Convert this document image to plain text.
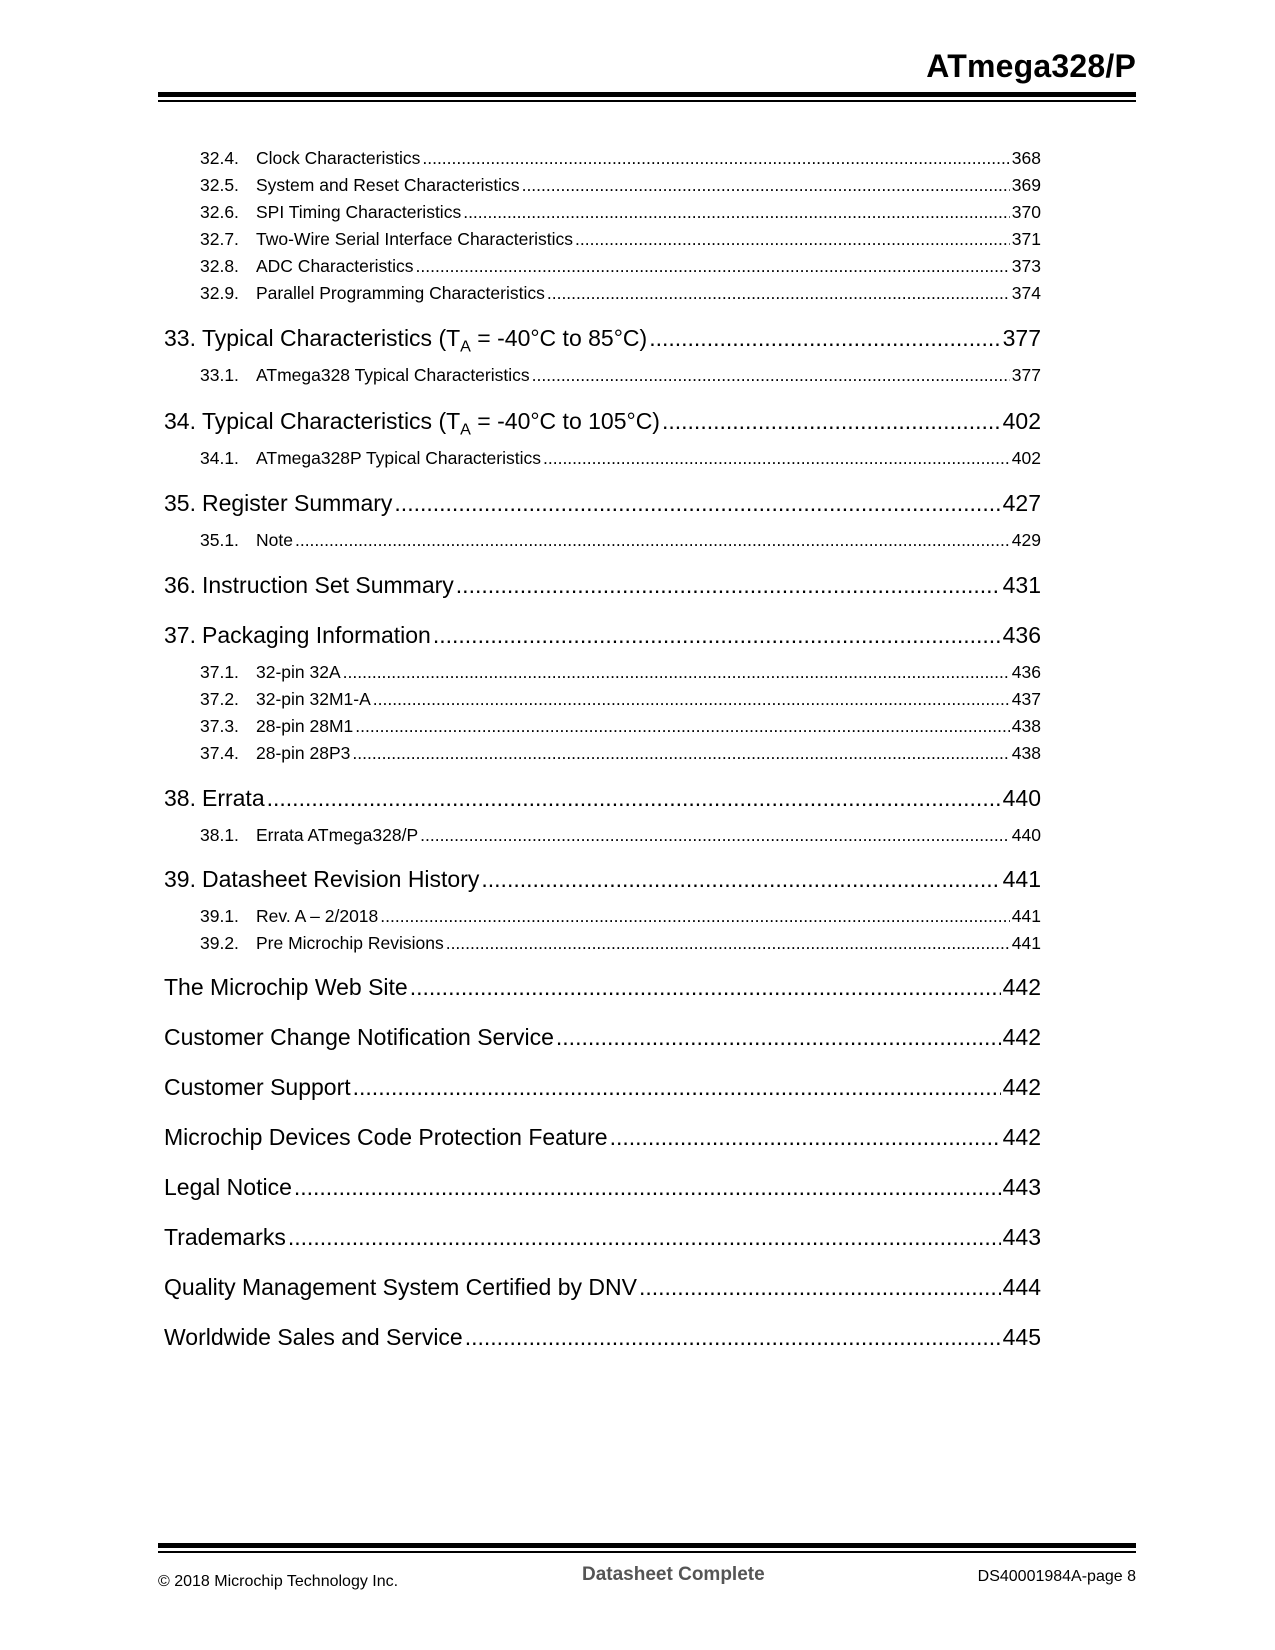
ATmega328/P
32.4. Clock Characteristics .....	368
32.5. System and Reset Characteristics .....	369
32.6. SPI Timing Characteristics .....	370
32.7. Two-Wire Serial Interface Characteristics .....	371
32.8. ADC Characteristics .....	373
32.9. Parallel Programming Characteristics .....	374
33. Typical Characteristics ($T_A = -40^\circ C$ to 85°C) .....	377
33.1. ATmega328 Typical Characteristics .....	377
34. Typical Characteristics ($T_A = -40^\circ C$ to 105°C) .....	402
34.1. ATmega328P Typical Characteristics .....	402
35. Register Summary .....	427
35.1. Note .....	429
36. Instruction Set Summary .....	431
37. Packaging Information .....	436
37.1. 32-pin 32A .....	436
37.2. 32-pin 32M1-A .....	437
37.3. 28-pin 28M1 .....	438
37.4. 28-pin 28P3 .....	438
38. Errata .....	440
38.1. Errata ATmega328/P .....	440
39. Datasheet Revision History .....	441
39.1. Rev. A – 2/2018 .....	441
39.2. Pre Microchip Revisions .....	441
The Microchip Web Site .....	442
Customer Change Notification Service .....	442
Customer Support .....	442
Microchip Devices Code Protection Feature .....	442
Legal Notice .....	443
Trademarks .....	443
Quality Management System Certified by DNV .....	444
Worldwide Sales and Service .....	445
© 2018 Microchip Technology Inc.	Datasheet Complete	DS40001984A-page 8
